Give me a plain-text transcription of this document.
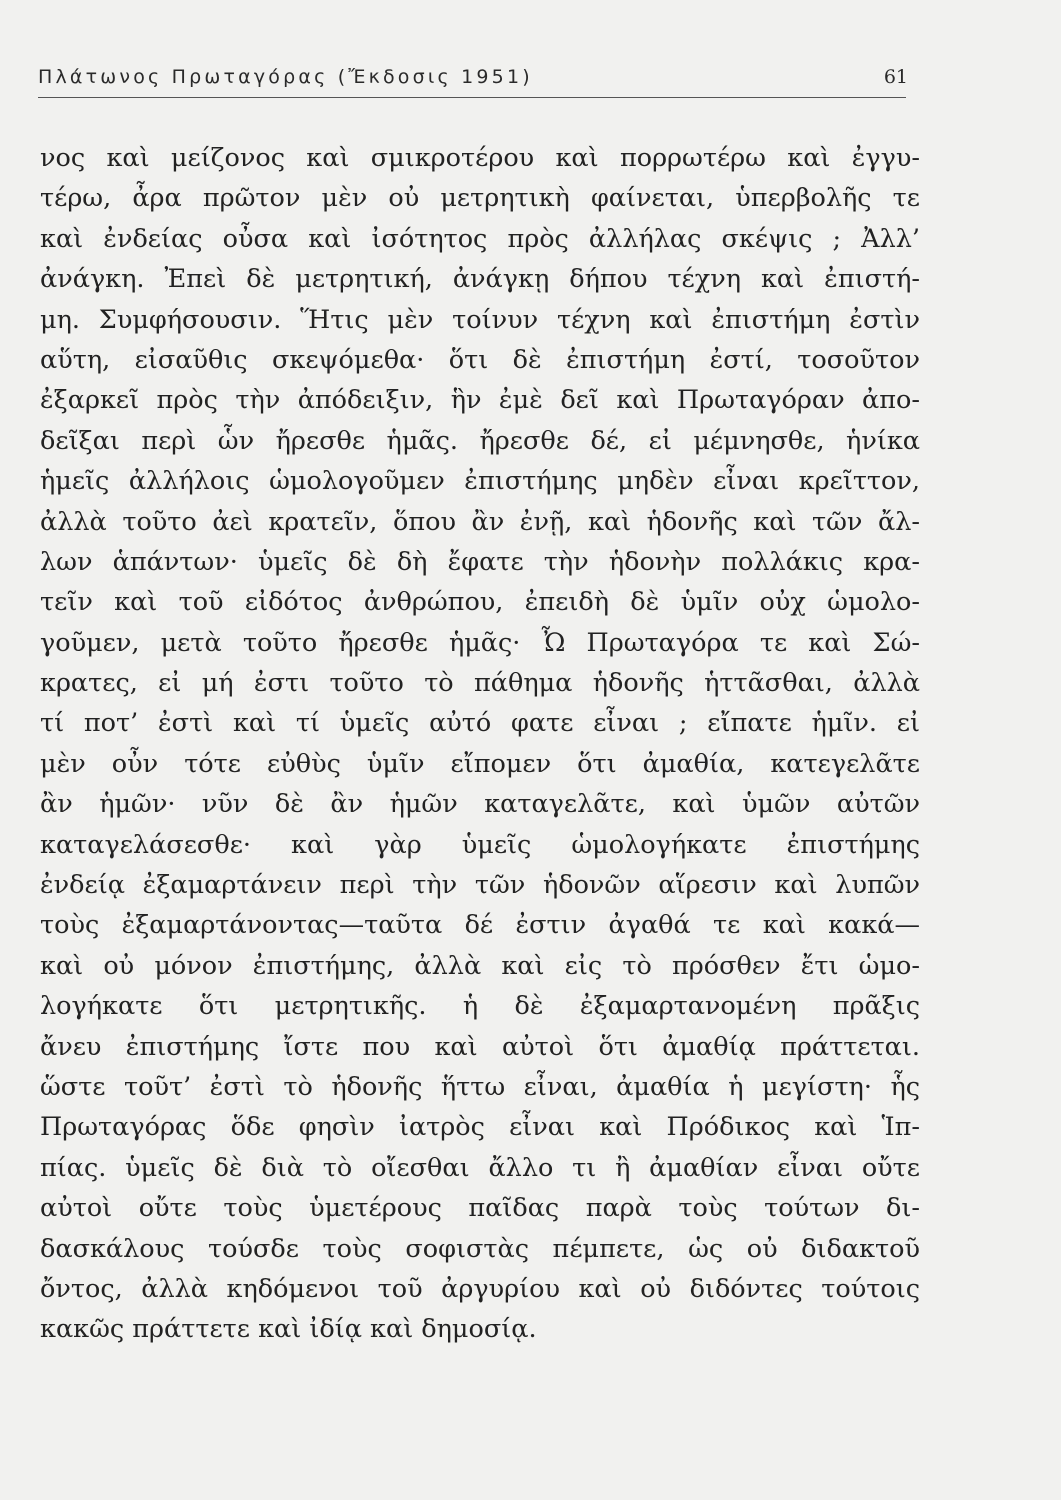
Πλάτωνος Πρωταγόρας (Ἔκδοσις 1951)	61
νος καὶ μείζονος καὶ σμικροτέρου καὶ πορρωτέρω καὶ ἐγγυ-
τέρω, ἆρα πρῶτον μὲν οὐ μετρητικὴ φαίνεται, ὑπερβολῆς τε
καὶ ἐνδείας οὖσα καὶ ἰσότητος πρὸς ἀλλήλας σκέψις ; Ἀλλ’
ἀνάγκη. Ἐπεὶ δὲ μετρητική, ἀνάγκῃ δήπου τέχνη καὶ ἐπιστή-
μη. Συμφήσουσιν. Ἥτις μὲν τοίνυν τέχνη καὶ ἐπιστήμη ἐστὶν
αὕτη, εἰσαῦθις σκεψόμεθα· ὅτι δὲ ἐπιστήμη ἐστί, τοσοῦτον
ἐξαρκεῖ πρὸς τὴν ἀπόδειξιν, ἣν ἐμὲ δεῖ καὶ Πρωταγόραν ἀπο-
δεῖξαι περὶ ὧν ἤρεσθε ἡμᾶς. ἤρεσθε δέ, εἰ μέμνησθε, ἡνίκα
ἡμεῖς ἀλλήλοις ὡμολογοῦμεν ἐπιστήμης μηδὲν εἶναι κρεῖττον,
ἀλλὰ τοῦτο ἀεὶ κρατεῖν, ὅπου ἂν ἐνῇ, καὶ ἡδονῆς καὶ τῶν ἄλ-
λων ἁπάντων· ὑμεῖς δὲ δὴ ἔφατε τὴν ἡδονὴν πολλάκις κρα-
τεῖν καὶ τοῦ εἰδότος ἀνθρώπου, ἐπειδὴ δὲ ὑμῖν οὐχ ὡμολο-
γοῦμεν, μετὰ τοῦτο ἤρεσθε ἡμᾶς· Ὦ Πρωταγόρα τε καὶ Σώ-
κρατες, εἰ μή ἐστι τοῦτο τὸ πάθημα ἡδονῆς ἡττᾶσθαι, ἀλλὰ
τί ποτ’ ἐστὶ καὶ τί ὑμεῖς αὐτό φατε εἶναι ; εἴπατε ἡμῖν. εἰ
μὲν οὖν τότε εὐθὺς ὑμῖν εἴπομεν ὅτι ἀμαθία, κατεγελᾶτε
ἂν ἡμῶν· νῦν δὲ ἂν ἡμῶν καταγελᾶτε, καὶ ὑμῶν αὐτῶν
καταγελάσεσθε· καὶ γὰρ ὑμεῖς ὡμολογήκατε ἐπιστήμης
ἐνδείᾳ ἐξαμαρτάνειν περὶ τὴν τῶν ἡδονῶν αἵρεσιν καὶ λυπῶν
τοὺς ἐξαμαρτάνοντας—ταῦτα δέ ἐστιν ἀγαθά τε καὶ κακά—
καὶ οὐ μόνον ἐπιστήμης, ἀλλὰ καὶ εἰς τὸ πρόσθεν ἔτι ὡμο-
λογήκατε ὅτι μετρητικῆς. ἡ δὲ ἐξαμαρτανομένη πρᾶξις
ἄνευ ἐπιστήμης ἴστε που καὶ αὐτοὶ ὅτι ἀμαθίᾳ πράττεται.
ὥστε τοῦτ’ ἐστὶ τὸ ἡδονῆς ἥττω εἶναι, ἀμαθία ἡ μεγίστη· ἧς
Πρωταγόρας ὅδε φησὶν ἰατρὸς εἶναι καὶ Πρόδικος καὶ Ἱπ-
πίας. ὑμεῖς δὲ διὰ τὸ οἴεσθαι ἄλλο τι ἢ ἀμαθίαν εἶναι οὔτε
αὐτοὶ οὔτε τοὺς ὑμετέρους παῖδας παρὰ τοὺς τούτων δι-
δασκάλους τούσδε τοὺς σοφιστὰς πέμπετε, ὡς οὐ διδακτοῦ
ὄντος, ἀλλὰ κηδόμενοι τοῦ ἀργυρίου καὶ οὐ διδόντες τούτοις
κακῶς πράττετε καὶ ἰδίᾳ καὶ δημοσίᾳ.
